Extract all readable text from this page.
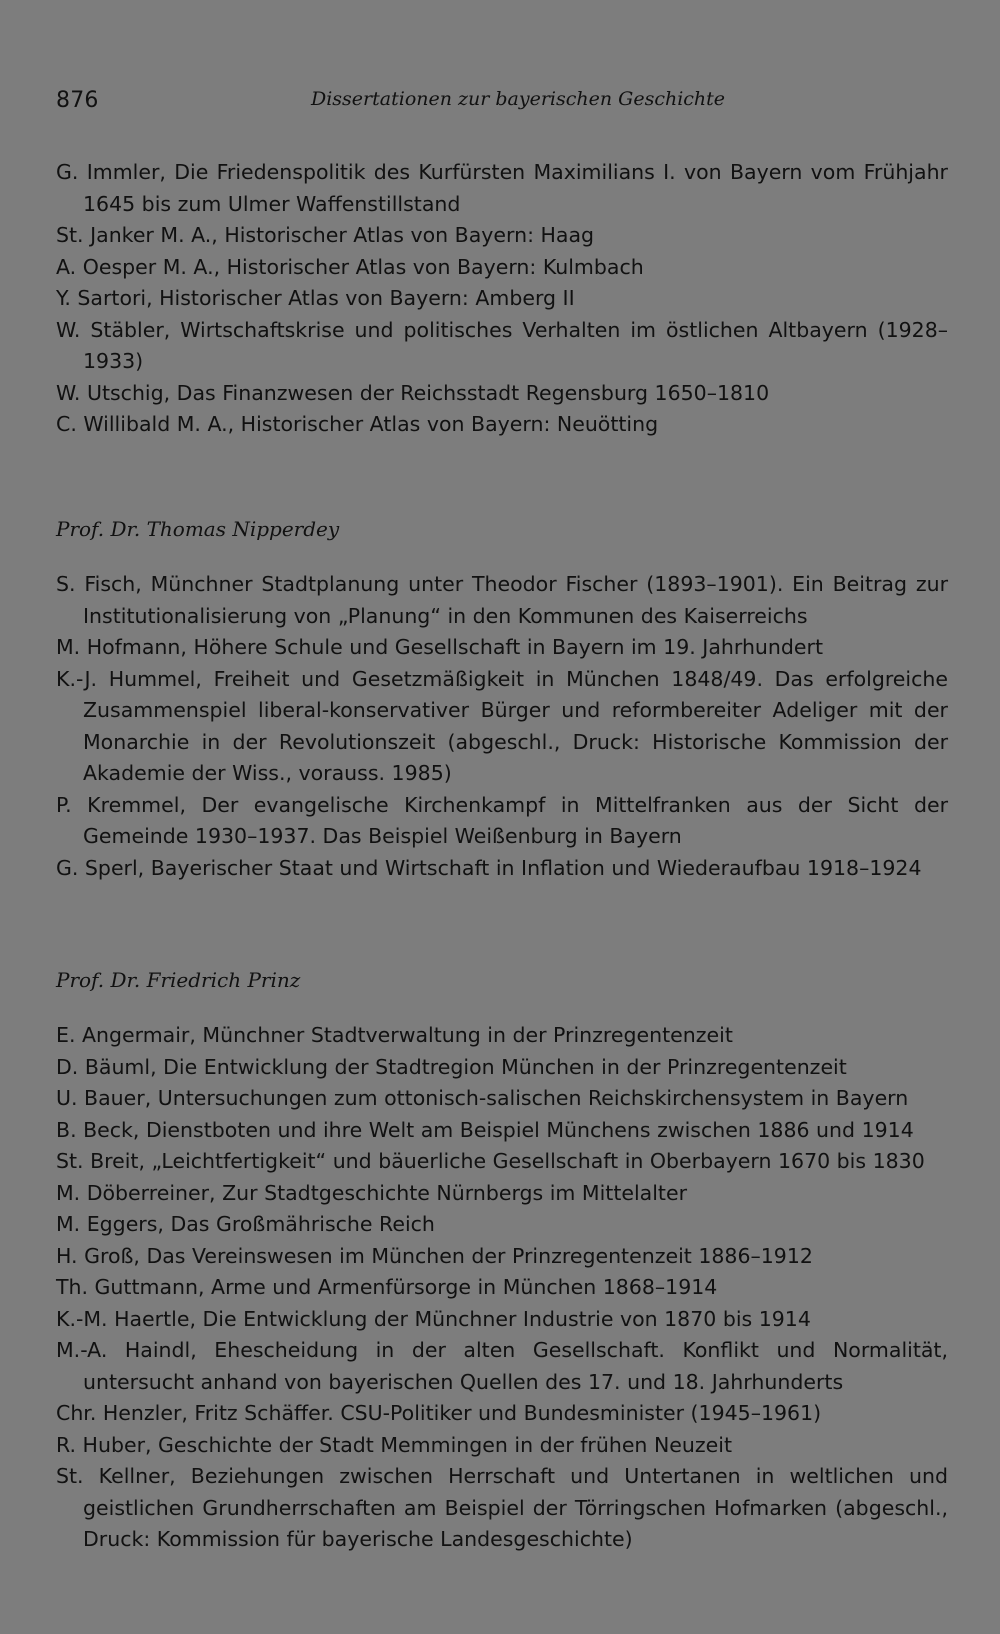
876	Dissertationen zur bayerischen Geschichte
G. Immler, Die Friedenspolitik des Kurfürsten Maximilians I. von Bayern vom Frühjahr 1645 bis zum Ulmer Waffenstillstand
St. Janker M. A., Historischer Atlas von Bayern: Haag
A. Oesper M. A., Historischer Atlas von Bayern: Kulmbach
Y. Sartori, Historischer Atlas von Bayern: Amberg II
W. Stäbler, Wirtschaftskrise und politisches Verhalten im östlichen Altbayern (1928–1933)
W. Utschig, Das Finanzwesen der Reichsstadt Regensburg 1650–1810
C. Willibald M. A., Historischer Atlas von Bayern: Neuötting
Prof. Dr. Thomas Nipperdey
S. Fisch, Münchner Stadtplanung unter Theodor Fischer (1893–1901). Ein Beitrag zur Institutionalisierung von „Planung“ in den Kommunen des Kaiserreichs
M. Hofmann, Höhere Schule und Gesellschaft in Bayern im 19. Jahrhundert
K.-J. Hummel, Freiheit und Gesetzmäßigkeit in München 1848/49. Das erfolgreiche Zusammenspiel liberal-konservativer Bürger und reformbereiter Adeliger mit der Monarchie in der Revolutionszeit (abgeschl., Druck: Historische Kommission der Akademie der Wiss., vorauss. 1985)
P. Kremmel, Der evangelische Kirchenkampf in Mittelfranken aus der Sicht der Gemeinde 1930–1937. Das Beispiel Weißenburg in Bayern
G. Sperl, Bayerischer Staat und Wirtschaft in Inflation und Wiederaufbau 1918–1924
Prof. Dr. Friedrich Prinz
E. Angermair, Münchner Stadtverwaltung in der Prinzregentenzeit
D. Bäuml, Die Entwicklung der Stadtregion München in der Prinzregentenzeit
U. Bauer, Untersuchungen zum ottonisch-salischen Reichskirchensystem in Bayern
B. Beck, Dienstboten und ihre Welt am Beispiel Münchens zwischen 1886 und 1914
St. Breit, „Leichtfertigkeit“ und bäuerliche Gesellschaft in Oberbayern 1670 bis 1830
M. Döberreiner, Zur Stadtgeschichte Nürnbergs im Mittelalter
M. Eggers, Das Großmährische Reich
H. Groß, Das Vereinswesen im München der Prinzregentenzeit 1886–1912
Th. Guttmann, Arme und Armenfürsorge in München 1868–1914
K.-M. Haertle, Die Entwicklung der Münchner Industrie von 1870 bis 1914
M.-A. Haindl, Ehescheidung in der alten Gesellschaft. Konflikt und Normalität, untersucht anhand von bayerischen Quellen des 17. und 18. Jahrhunderts
Chr. Henzler, Fritz Schäffer. CSU-Politiker und Bundesminister (1945–1961)
R. Huber, Geschichte der Stadt Memmingen in der frühen Neuzeit
St. Kellner, Beziehungen zwischen Herrschaft und Untertanen in weltlichen und geistlichen Grundherrschaften am Beispiel der Törringschen Hofmarken (abgeschl., Druck: Kommission für bayerische Landesgeschichte)
